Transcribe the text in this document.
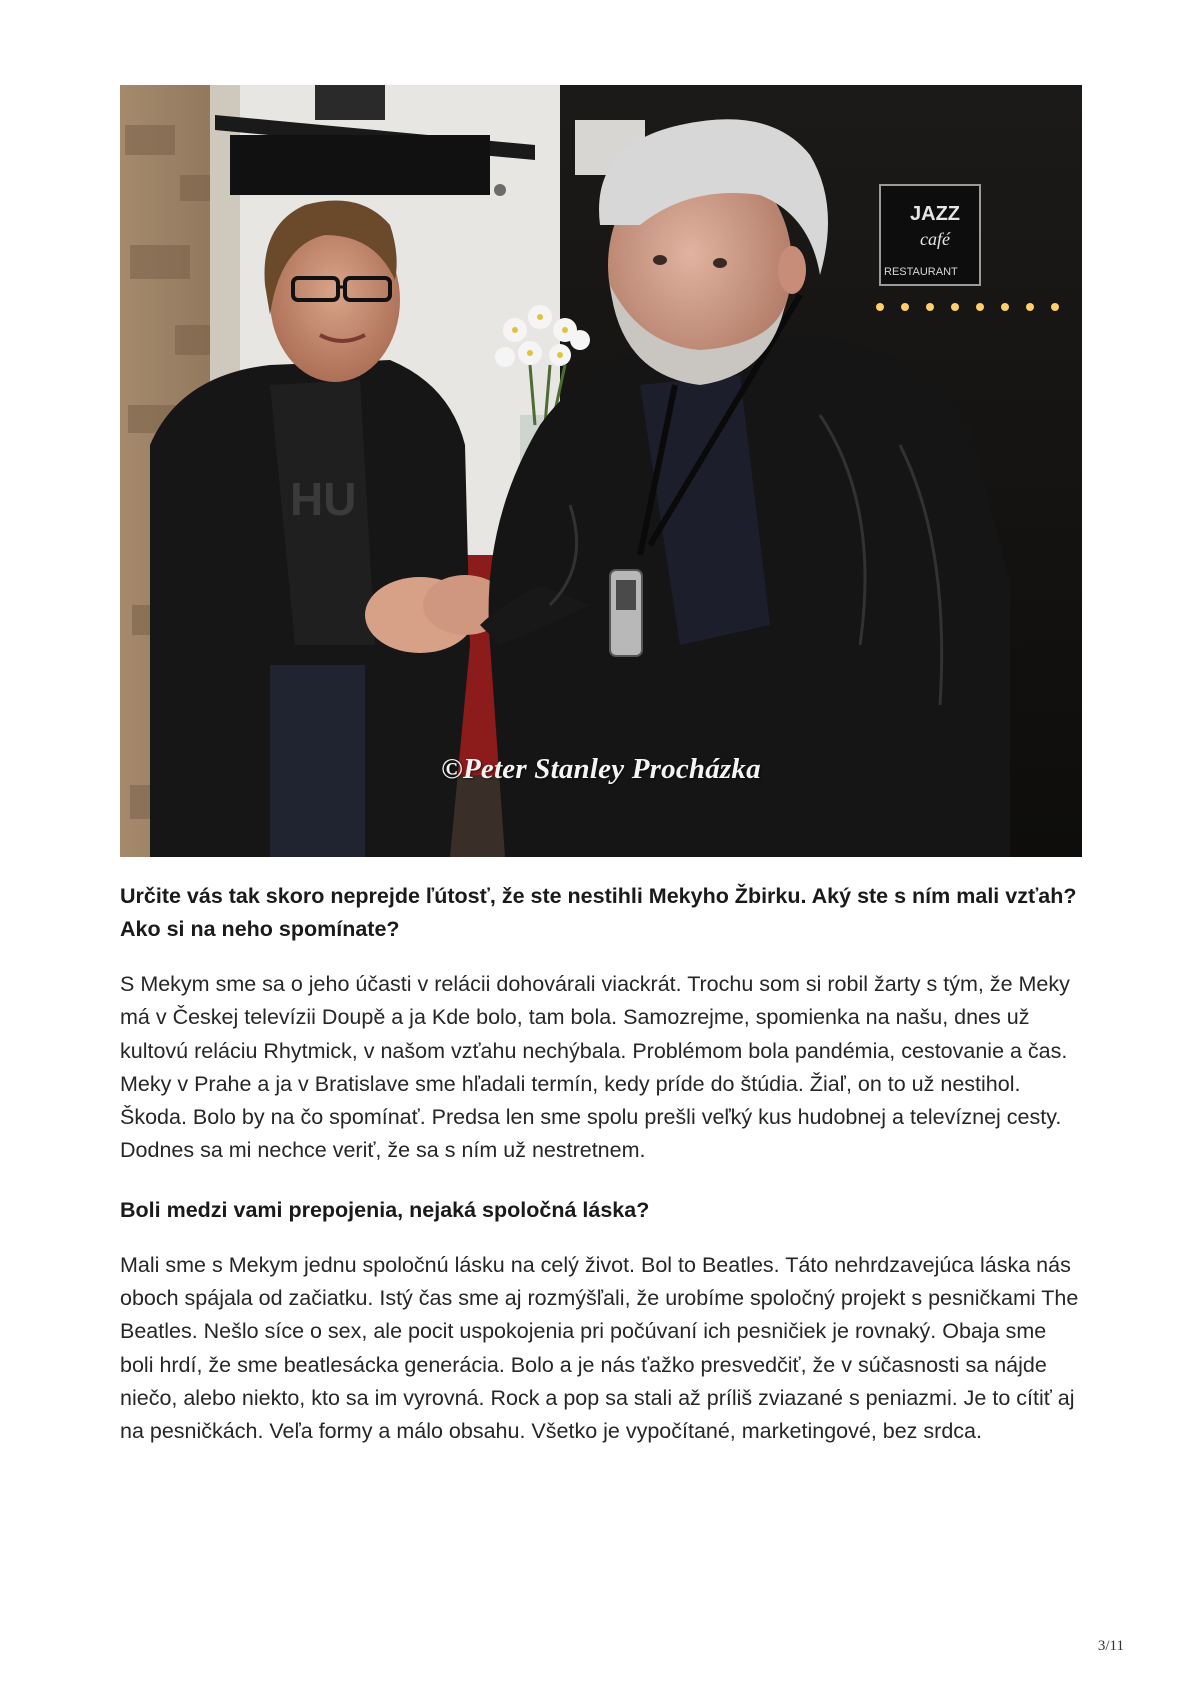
JAZZ
café
RESTAURANT
HU
©Peter Stanley Procházka

Určite vás tak skoro neprejde ľútosť, že ste nestihli Mekyho Žbirku. Aký ste s ním mali vzťah? Ako si na neho spomínate?

S Mekym sme sa o jeho účasti v relácii dohovárali viackrát. Trochu som si robil žarty s tým, že Meky má v Českej televízii Doupě a ja Kde bolo, tam bola. Samozrejme, spomienka na našu, dnes už kultovú reláciu Rhytmick, v našom vzťahu nechýbala. Problémom bola pandémia, cestovanie a čas. Meky v Prahe a ja v Bratislave sme hľadali termín, kedy príde do štúdia. Žiaľ, on to už nestihol. Škoda. Bolo by na čo spomínať. Predsa len sme spolu prešli veľký kus hudobnej a televíznej cesty. Dodnes sa mi nechce veriť, že sa s ním už nestretnem.

Boli medzi vami prepojenia, nejaká spoločná láska?

Mali sme s Mekym jednu spoločnú lásku na celý život. Bol to Beatles. Táto nehrdzavejúca láska nás oboch spájala od začiatku. Istý čas sme aj rozmýšľali, že urobíme spoločný projekt s pesničkami The Beatles. Nešlo síce o sex, ale pocit uspokojenia pri počúvaní ich pesničiek je rovnaký. Obaja sme boli hrdí, že sme beatlesácka generácia. Bolo a je nás ťažko presvedčiť, že v súčasnosti sa nájde niečo, alebo niekto, kto sa im vyrovná. Rock a pop sa stali až príliš zviazané s peniazmi. Je to cítiť aj na pesničkách. Veľa formy a málo obsahu. Všetko je vypočítané, marketingové, bez srdca.

3/11
